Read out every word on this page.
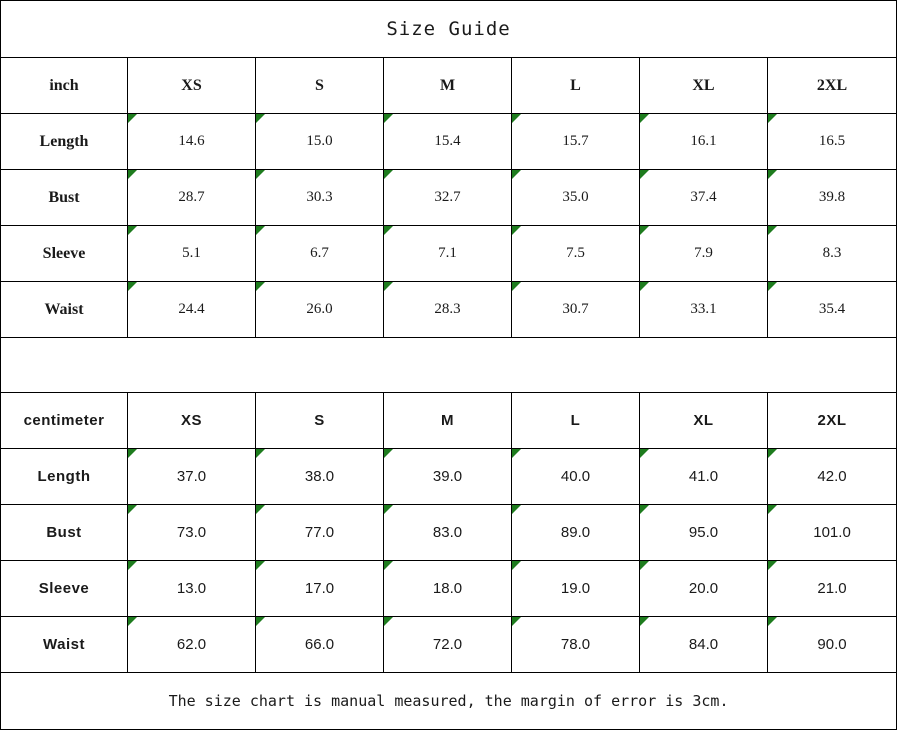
Size Guide						
inch	XS	S	M	L	XL	2XL
Length	14.6	15.0	15.4	15.7	16.1	16.5
Bust	28.7	30.3	32.7	35.0	37.4	39.8
Sleeve	5.1	6.7	7.1	7.5	7.9	8.3
Waist	24.4	26.0	28.3	30.7	33.1	35.4

centimeter	XS	S	M	L	XL	2XL
Length	37.0	38.0	39.0	40.0	41.0	42.0
Bust	73.0	77.0	83.0	89.0	95.0	101.0
Sleeve	13.0	17.0	18.0	19.0	20.0	21.0
Waist	62.0	66.0	72.0	78.0	84.0	90.0
The size chart is manual measured, the margin of error is 3cm.						
